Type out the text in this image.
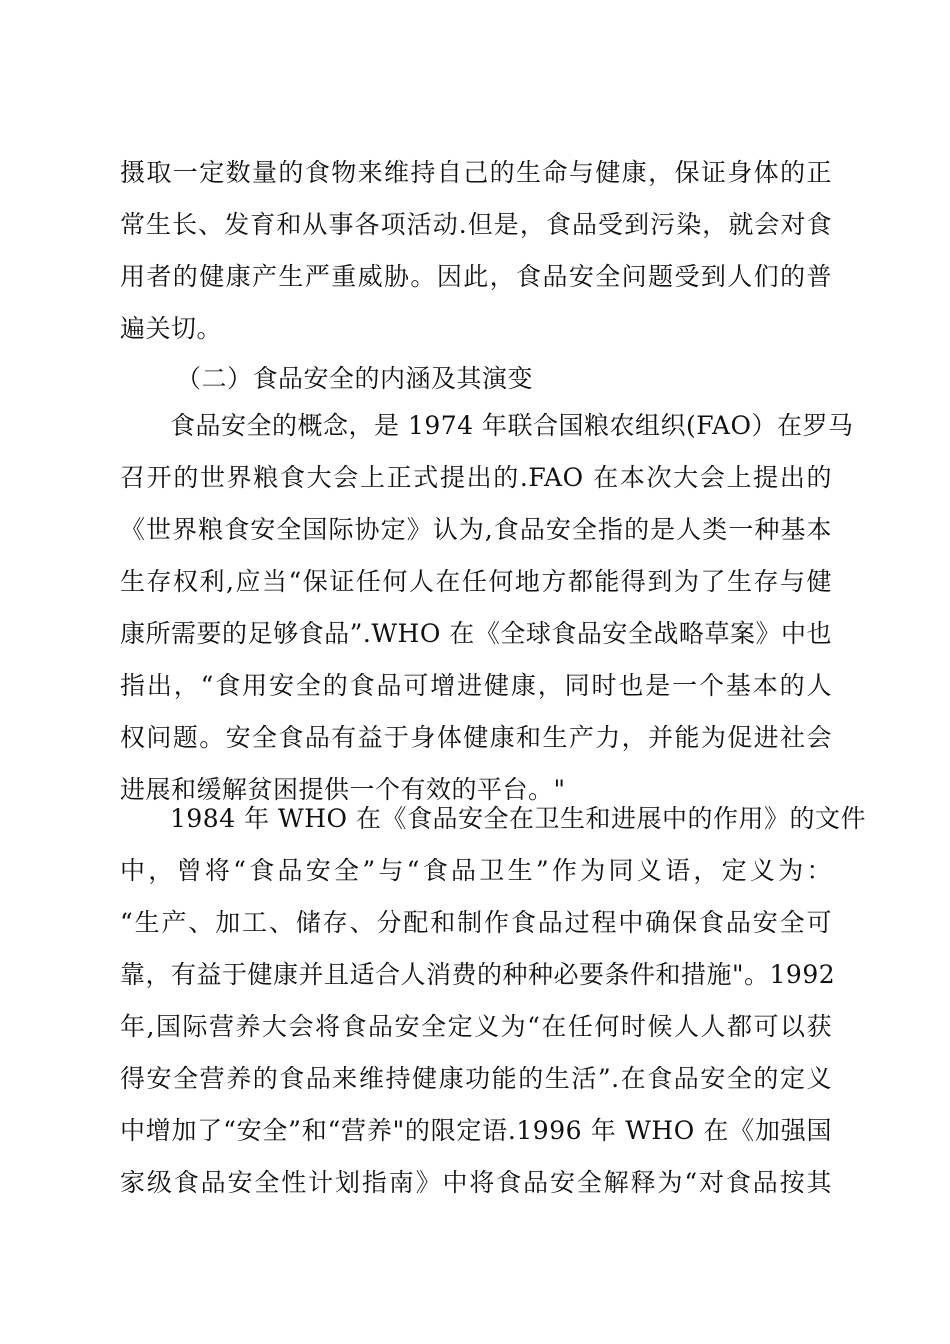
摄取一定数量的食物来维持自己的生命与健康，保证身体的正
常生长、发育和从事各项活动.但是，食品受到污染，就会对食
用者的健康产生严重威胁。因此，食品安全问题受到人们的普
遍关切。
（二）食品安全的内涵及其演变
食品安全的概念，是 1974 年联合国粮农组织(FAO）在罗马
召开的世界粮食大会上正式提出的.FAO 在本次大会上提出的
《世界粮食安全国际协定》认为,食品安全指的是人类一种基本
生存权利,应当“保证任何人在任何地方都能得到为了生存与健
康所需要的足够食品”.WHO 在《全球食品安全战略草案》中也
指出，“食用安全的食品可增进健康，同时也是一个基本的人
权问题。安全食品有益于身体健康和生产力，并能为促进社会
进展和缓解贫困提供一个有效的平台。"
1984 年 WHO 在《食品安全在卫生和进展中的作用》的文件
中，曾将“食品安全”与“食品卫生”作为同义语，定义为：
“生产、加工、储存、分配和制作食品过程中确保食品安全可
靠，有益于健康并且适合人消费的种种必要条件和措施"。1992
年,国际营养大会将食品安全定义为“在任何时候人人都可以获
得安全营养的食品来维持健康功能的生活”.在食品安全的定义
中增加了“安全”和“营养"的限定语.1996 年 WHO 在《加强国
家级食品安全性计划指南》中将食品安全解释为“对食品按其
